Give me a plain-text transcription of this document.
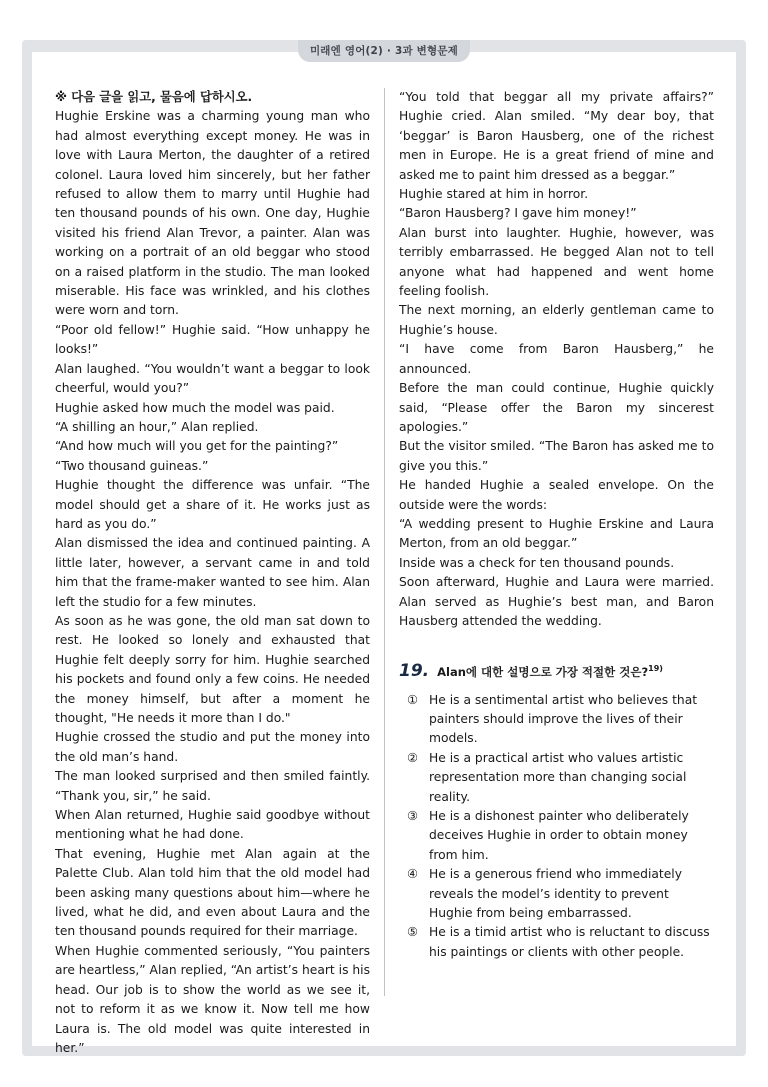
미래엔 영어(2) · 3과 변형문제

※ 다음 글을 읽고, 물음에 답하시오.

Hughie Erskine was a charming young man who had almost everything except money. He was in love with Laura Merton, the daughter of a retired colonel. Laura loved him sincerely, but her father refused to allow them to marry until Hughie had ten thousand pounds of his own. One day, Hughie visited his friend Alan Trevor, a painter. Alan was working on a portrait of an old beggar who stood on a raised platform in the studio. The man looked miserable. His face was wrinkled, and his clothes were worn and torn.

“Poor old fellow!” Hughie said. “How unhappy he looks!”

Alan laughed. “You wouldn’t want a beggar to look cheerful, would you?”

Hughie asked how much the model was paid.

“A shilling an hour,” Alan replied.

“And how much will you get for the painting?”

“Two thousand guineas.”

Hughie thought the difference was unfair. “The model should get a share of it. He works just as hard as you do.”

Alan dismissed the idea and continued painting. A little later, however, a servant came in and told him that the frame-maker wanted to see him. Alan left the studio for a few minutes.

As soon as he was gone, the old man sat down to rest. He looked so lonely and exhausted that Hughie felt deeply sorry for him. Hughie searched his pockets and found only a few coins. He needed the money himself, but after a moment he thought, "He needs it more than I do."

Hughie crossed the studio and put the money into the old man’s hand.

The man looked surprised and then smiled faintly. “Thank you, sir,” he said.

When Alan returned, Hughie said goodbye without mentioning what he had done.

That evening, Hughie met Alan again at the Palette Club. Alan told him that the old model had been asking many questions about him—where he lived, what he did, and even about Laura and the ten thousand pounds required for their marriage.

When Hughie commented seriously, “You painters are heartless,” Alan replied, “An artist’s heart is his head. Our job is to show the world as we see it, not to reform it as we know it. Now tell me how Laura is. The old model was quite interested in her.”

“You told that beggar all my private affairs?” Hughie cried. Alan smiled. “My dear boy, that ‘beggar’ is Baron Hausberg, one of the richest men in Europe. He is a great friend of mine and asked me to paint him dressed as a beggar.”

Hughie stared at him in horror.

“Baron Hausberg? I gave him money!”

Alan burst into laughter. Hughie, however, was terribly embarrassed. He begged Alan not to tell anyone what had happened and went home feeling foolish.

The next morning, an elderly gentleman came to Hughie’s house.

“I have come from Baron Hausberg,” he announced.

Before the man could continue, Hughie quickly said, “Please offer the Baron my sincerest apologies.”

But the visitor smiled. “The Baron has asked me to give you this.”

He handed Hughie a sealed envelope. On the outside were the words:

“A wedding present to Hughie Erskine and Laura Merton, from an old beggar.”

Inside was a check for ten thousand pounds.

Soon afterward, Hughie and Laura were married. Alan served as Hughie’s best man, and Baron Hausberg attended the wedding.

19. Alan에 대한 설명으로 가장 적절한 것은?$^{19)}$
① He is a sentimental artist who believes that painters should improve the lives of their models.
② He is a practical artist who values artistic representation more than changing social reality.
③ He is a dishonest painter who deliberately deceives Hughie in order to obtain money from him.
④ He is a generous friend who immediately reveals the model’s identity to prevent Hughie from being embarrassed.
⑤ He is a timid artist who is reluctant to discuss his paintings or clients with other people.
